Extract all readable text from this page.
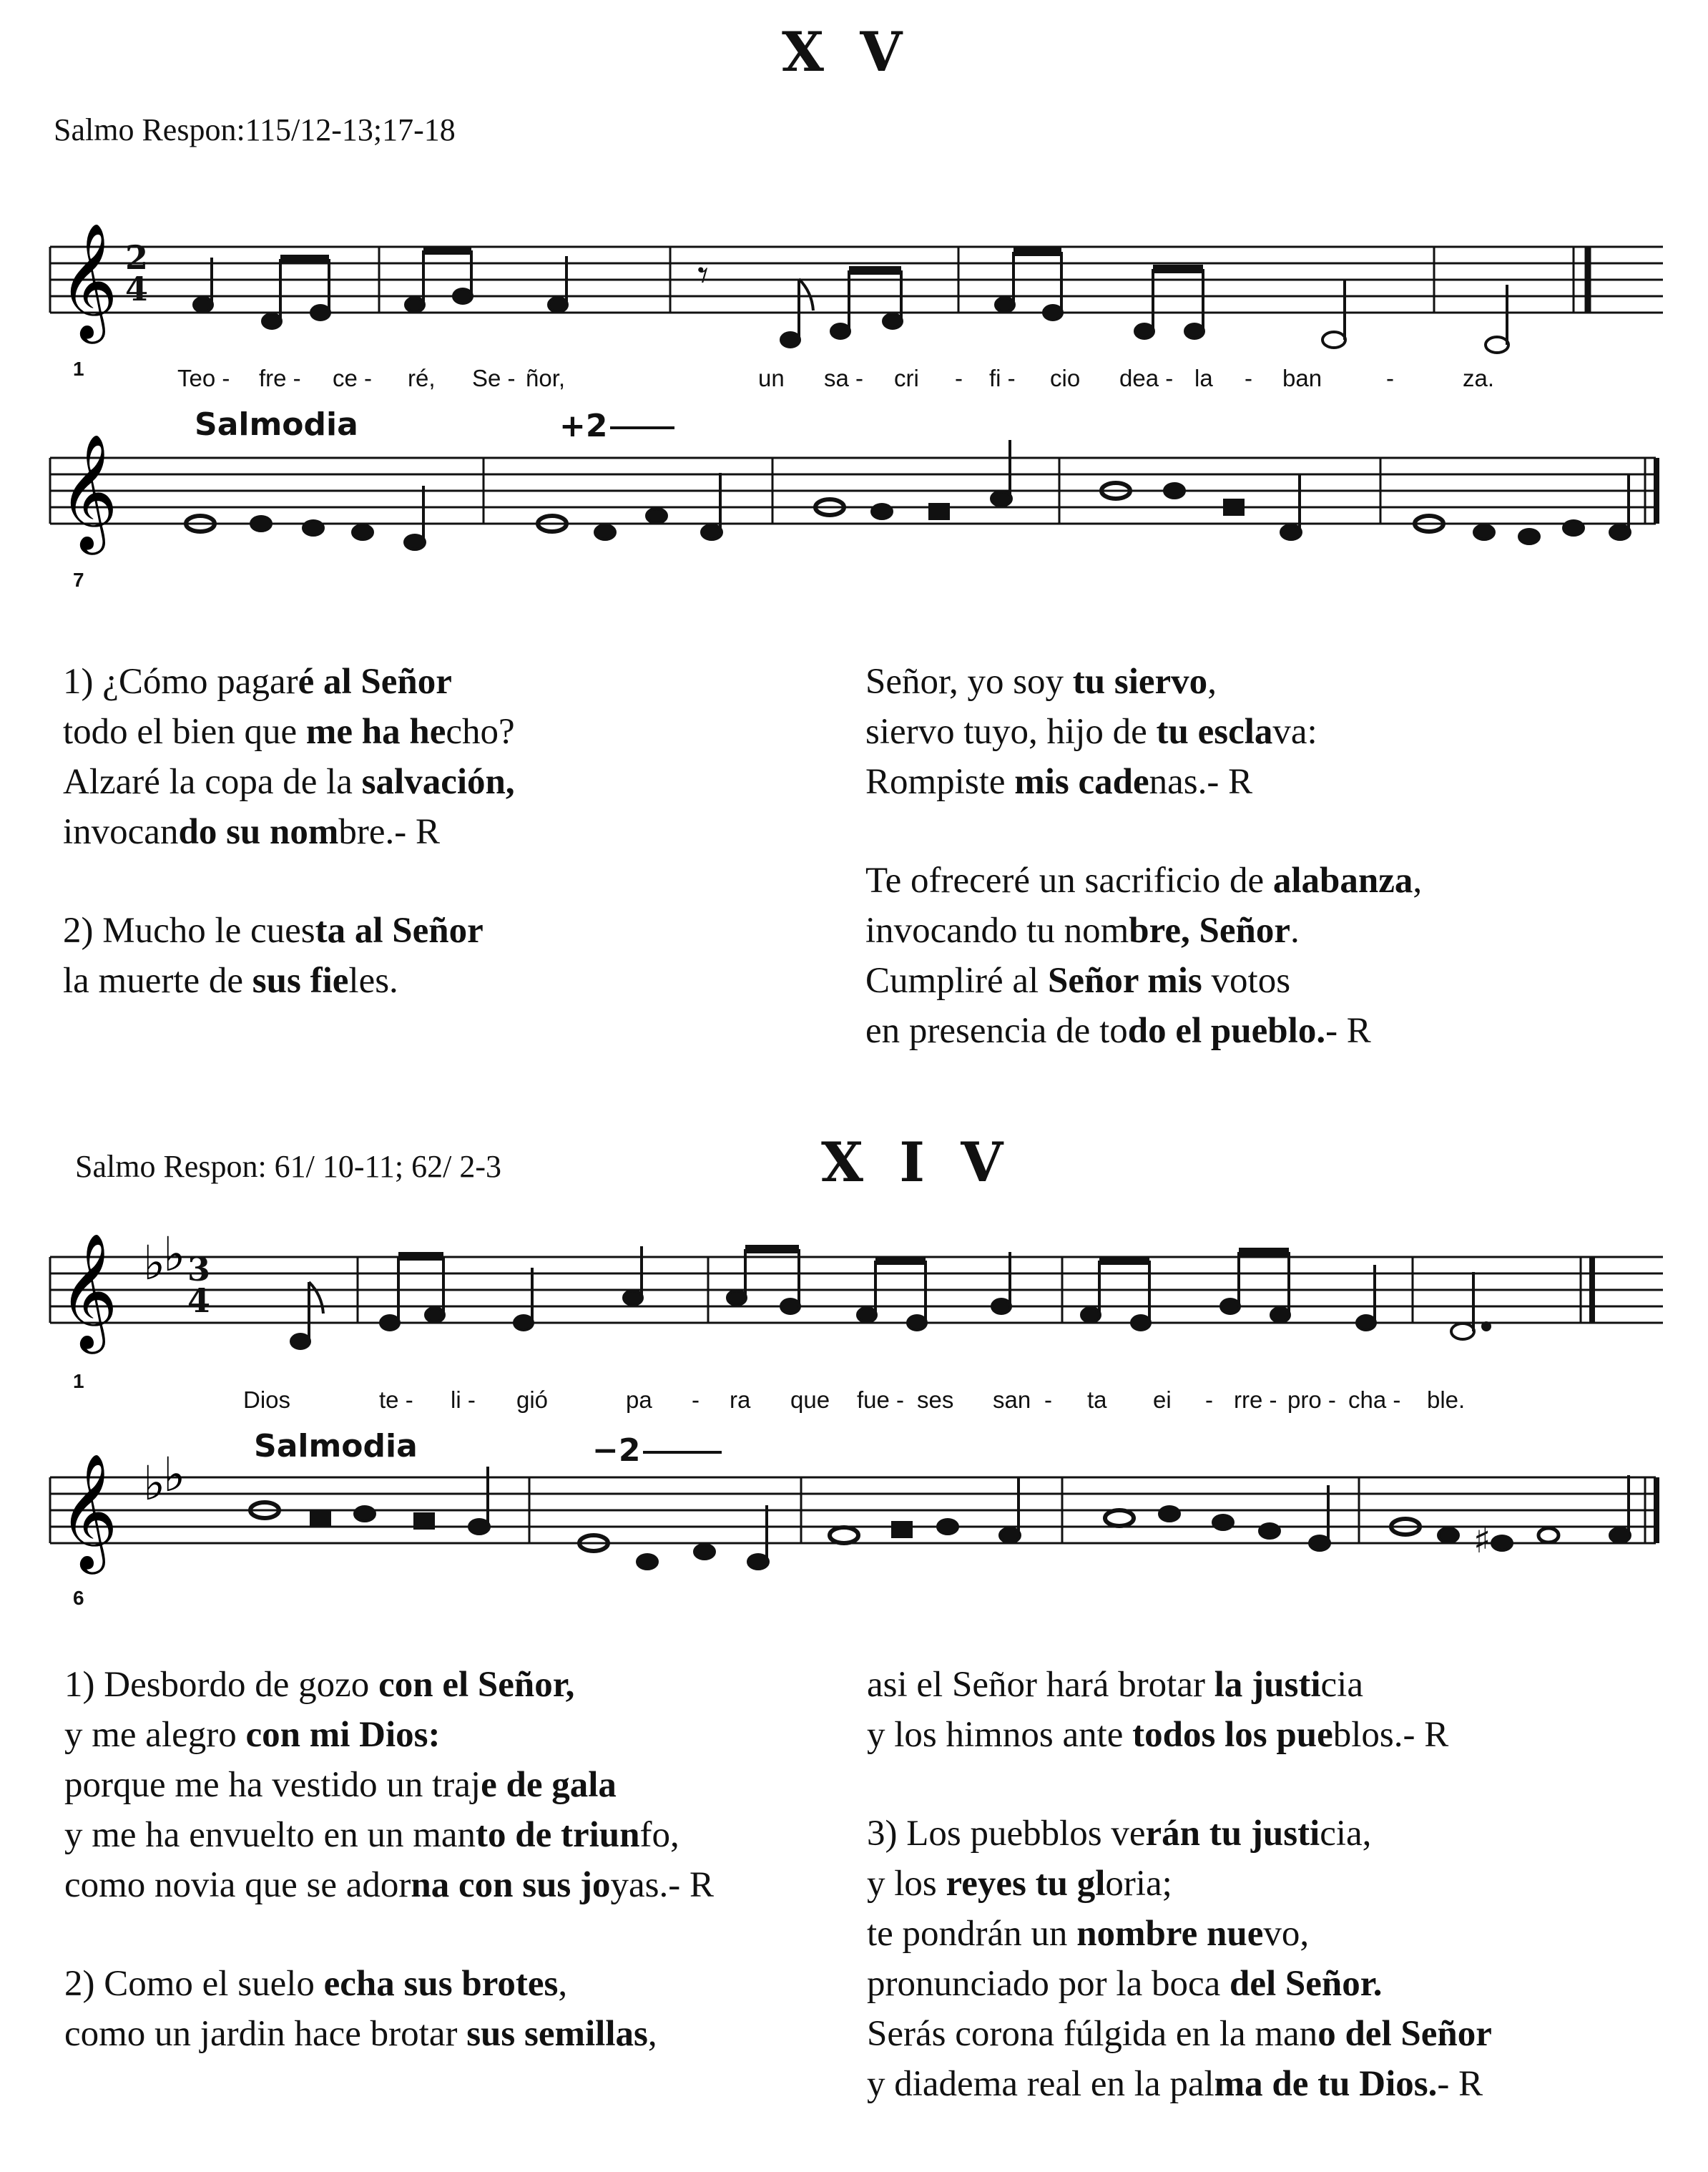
X V
Salmo Respon:115/12-13;17-18
𝄞 2
4	𝄾
1	Teo - fre - ce - ré, Se - ñor,	un sa - cri - fi - cio dea - la - ban	-	za.
Salmodia	+2
𝄞
7
1) ¿Cómo pagaré al Señor
todo el bien que me ha hecho?
Alzaré la copa de la salvación,
invocando su nombre.- R
2) Mucho le cuesta al Señor
la muerte de sus fieles.
Señor, yo soy tu siervo,
siervo tuyo, hijo de tu esclava:
Rompiste mis cadenas.- R
Te ofreceré un sacrificio de alabanza,
invocando tu nombre, Señor.
Cumpliré al Señor mis votos
en presencia de todo el pueblo.- R
X I V
Salmo Respon: 61/ 10-11; 62/ 2-3
𝄞 ♭
♭ 3
4
1
Dios	te - li - gió	pa - ra que fue - ses san - ta ei - rre - pro - cha - ble.
Salmodia	−2
𝄞 ♭
♭
♯
6
1) Desbordo de gozo con el Señor,
y me alegro con mi Dios:
porque me ha vestido un traje de gala
y me ha envuelto en un manto de triunfo,
como novia que se adorna con sus joyas.- R
2) Como el suelo echa sus brotes,
como un jardin hace brotar sus semillas,
asi el Señor hará brotar la justicia
y los himnos ante todos los pueblos.- R
3) Los puebblos verán tu justicia,
y los reyes tu gloria;
te pondrán un nombre nuevo,
pronunciado por la boca del Señor.
Serás corona fúlgida en la mano del Señor
y diadema real en la palma de tu Dios.- R
